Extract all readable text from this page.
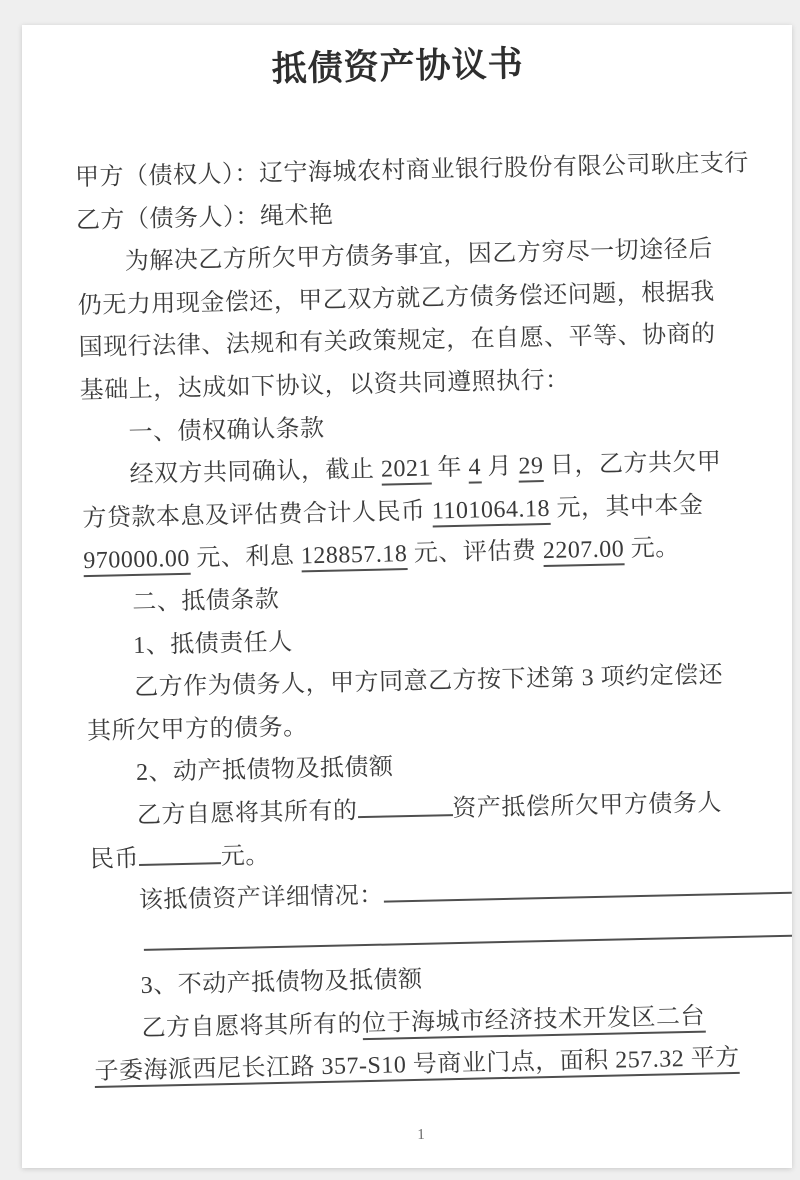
抵债资产协议书
甲方（债权人）：辽宁海城农村商业银行股份有限公司耿庄支行
乙方（债务人）：绳术艳
为解决乙方所欠甲方债务事宜，因乙方穷尽一切途径后
仍无力用现金偿还，甲乙双方就乙方债务偿还问题，根据我
国现行法律、法规和有关政策规定，在自愿、平等、协商的
基础上，达成如下协议，以资共同遵照执行：
一、债权确认条款
经双方共同确认，截止 2021 年 4 月 29 日，乙方共欠甲
方贷款本息及评估费合计人民币 1101064.18 元，其中本金
970000.00 元、利息 128857.18 元、评估费 2207.00 元。
二、抵债条款
1、抵债责任人
乙方作为债务人，甲方同意乙方按下述第 3 项约定偿还
其所欠甲方的债务。
2、动产抵债物及抵债额
乙方自愿将其所有的	资产抵偿所欠甲方债务人
民币	元。
该抵债资产详细情况：
3、不动产抵债物及抵债额
乙方自愿将其所有的位于海城市经济技术开发区二台
子委海派西尼长江路 357-S10 号商业门点，面积 257.32 平方
1
